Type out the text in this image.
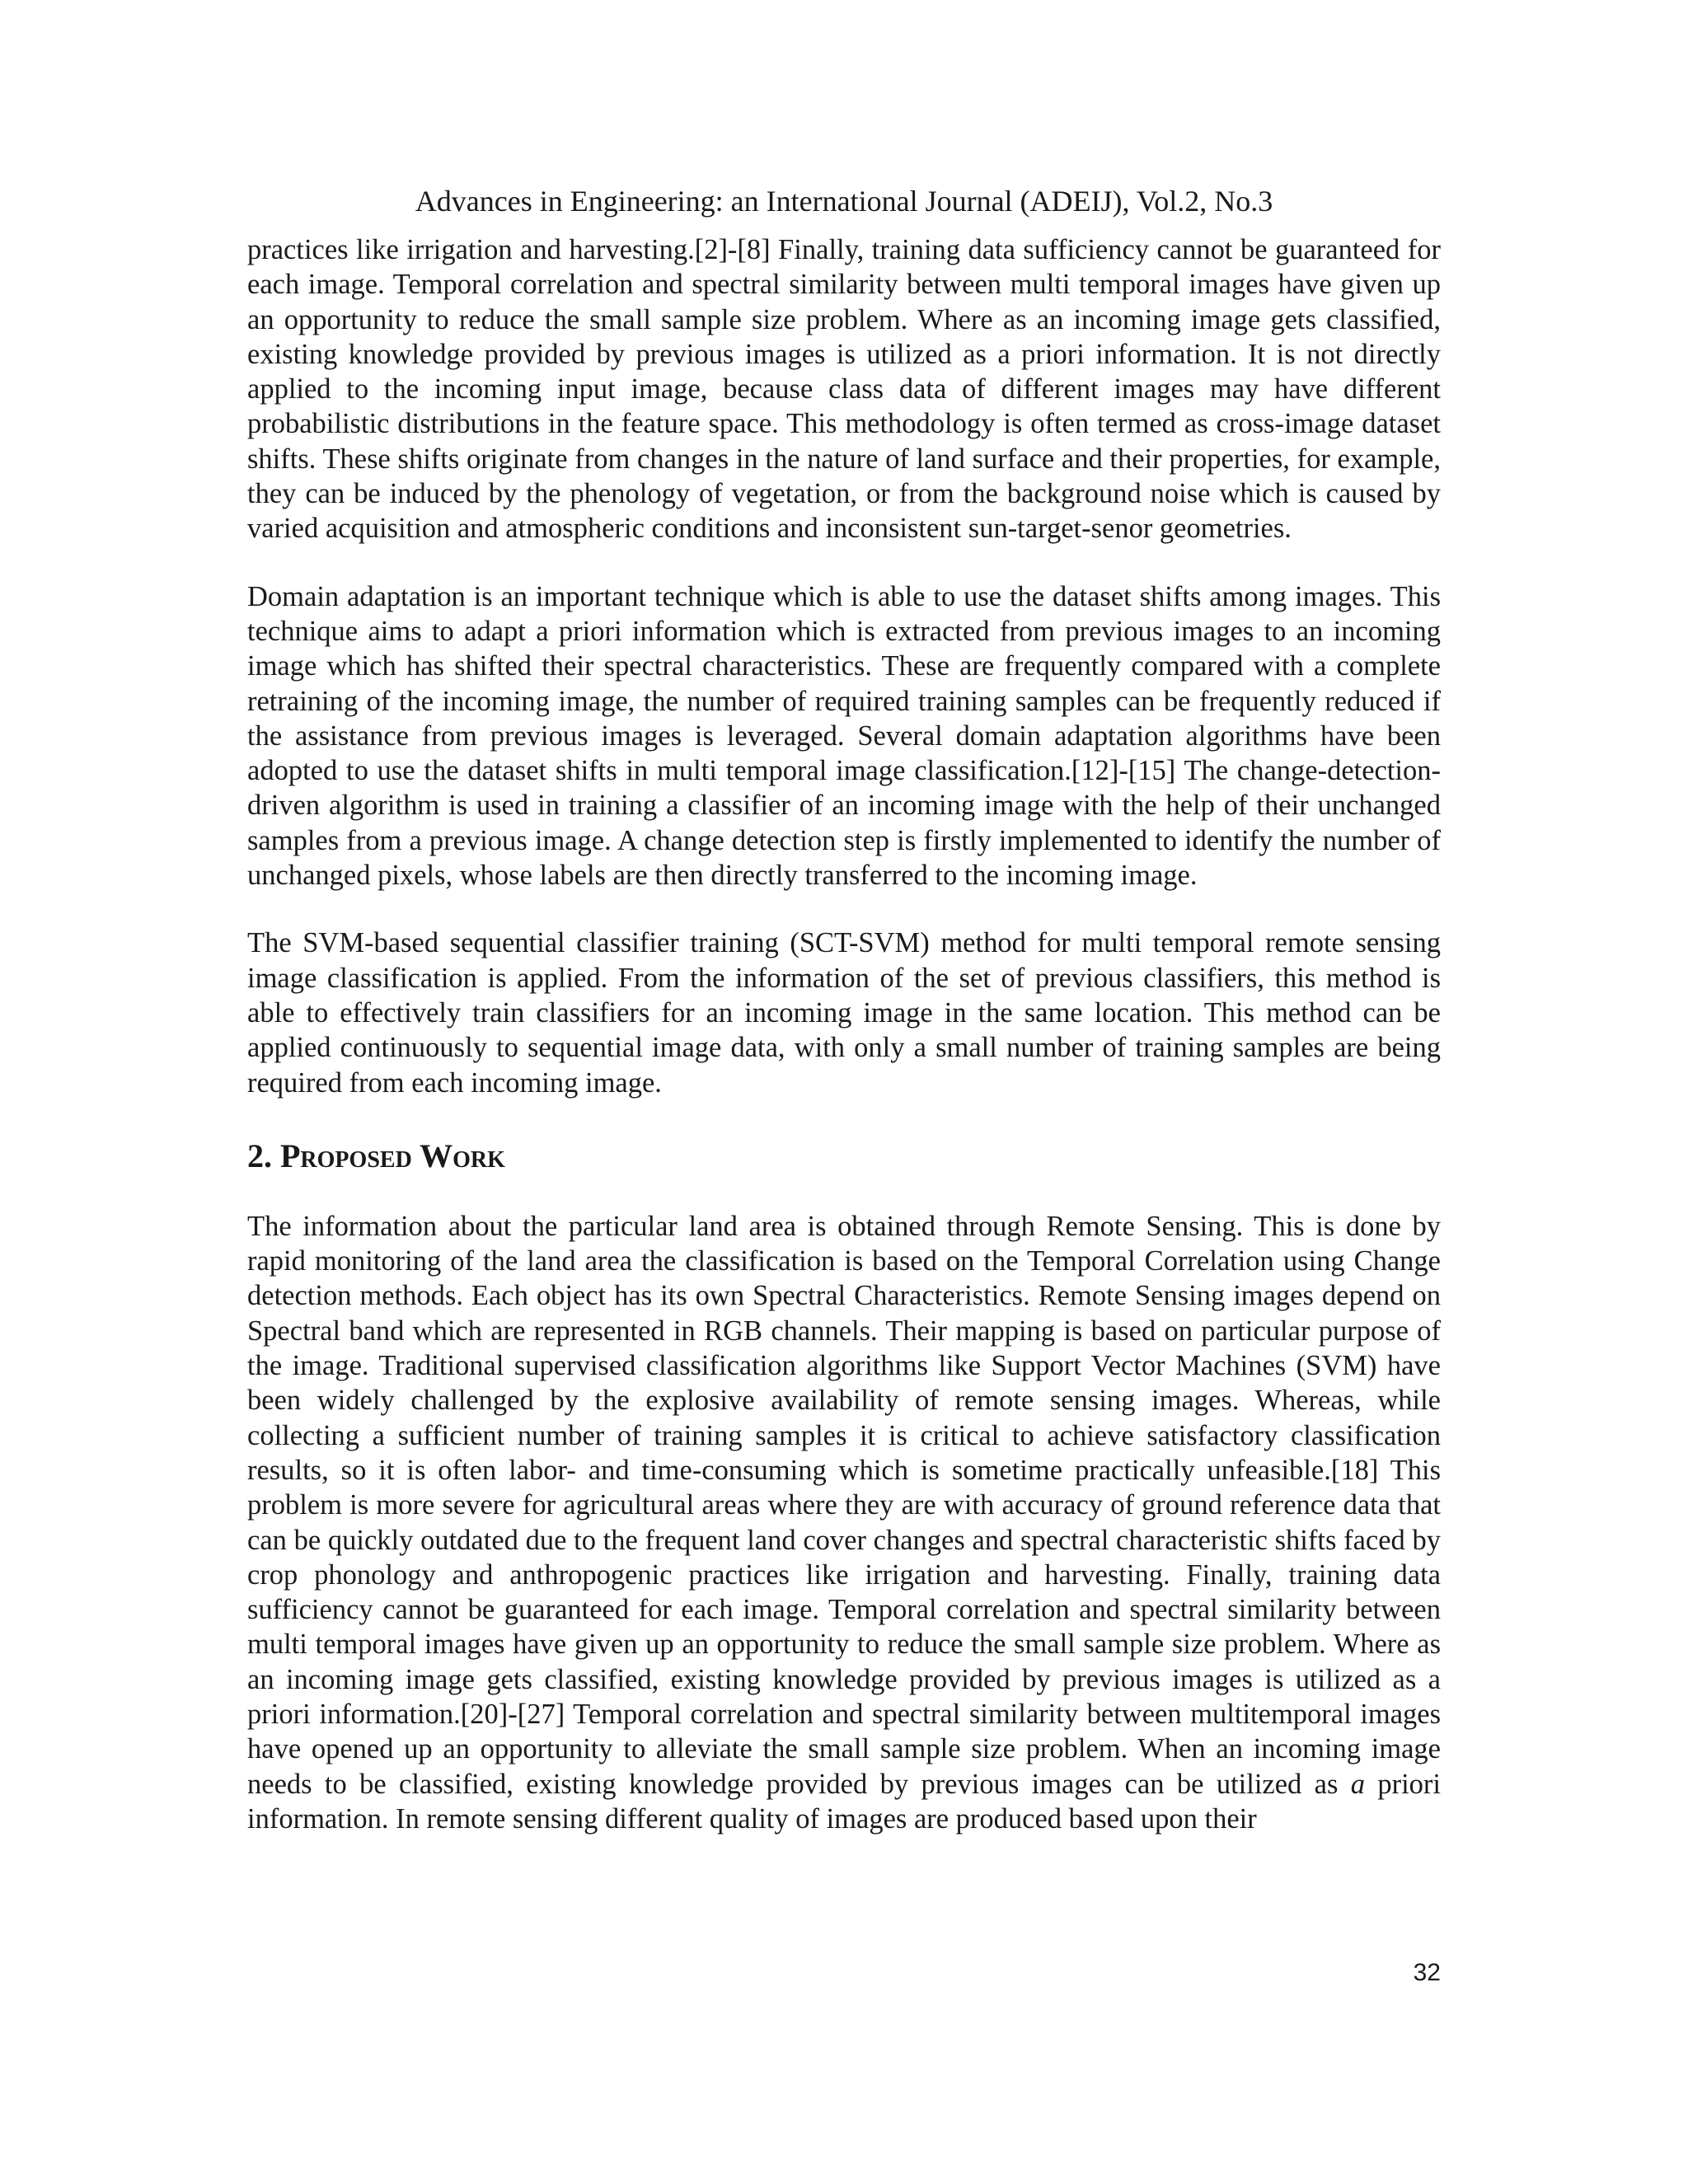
Advances in Engineering: an International Journal (ADEIJ), Vol.2, No.3

practices like irrigation and harvesting.[2]-[8] Finally, training data sufficiency cannot be guaranteed for each image. Temporal correlation and spectral similarity between multi temporal images have given up an opportunity to reduce the small sample size problem. Where as an incoming image gets classified, existing knowledge provided by previous images is utilized as a priori information. It is not directly applied to the incoming input image, because class data of different images may have different probabilistic distributions in the feature space. This methodology is often termed as cross-image dataset shifts. These shifts originate from changes in the nature of land surface and their properties, for example, they can be induced by the phenology of vegetation, or from the background noise which is caused by varied acquisition and atmospheric conditions and inconsistent sun-target-senor geometries.

Domain adaptation is an important technique which is able to use the dataset shifts among images. This technique aims to adapt a priori information which is extracted from previous images to an incoming image which has shifted their spectral characteristics. These are frequently compared with a complete retraining of the incoming image, the number of required training samples can be frequently reduced if the assistance from previous images is leveraged. Several domain adaptation algorithms have been adopted to use the dataset shifts in multi temporal image classification.[12]-[15] The change-detection-driven algorithm is used in training a classifier of an incoming image with the help of their unchanged samples from a previous image. A change detection step is firstly implemented to identify the number of unchanged pixels, whose labels are then directly transferred to the incoming image.

The SVM-based sequential classifier training (SCT-SVM) method for multi temporal remote sensing image classification is applied. From the information of the set of previous classifiers, this method is able to effectively train classifiers for an incoming image in the same location. This method can be applied continuously to sequential image data, with only a small number of training samples are being required from each incoming image.

2. Proposed Work

The information about the particular land area is obtained through Remote Sensing. This is done by rapid monitoring of the land area the classification is based on the Temporal Correlation using Change detection methods. Each object has its own Spectral Characteristics. Remote Sensing images depend on Spectral band which are represented in RGB channels. Their mapping is based on particular purpose of the image. Traditional supervised classification algorithms like Support Vector Machines (SVM) have been widely challenged by the explosive availability of remote sensing images. Whereas, while collecting a sufficient number of training samples it is critical to achieve satisfactory classification results, so it is often labor- and time-consuming which is sometime practically unfeasible.[18] This problem is more severe for agricultural areas where they are with accuracy of ground reference data that can be quickly outdated due to the frequent land cover changes and spectral characteristic shifts faced by crop phonology and anthropogenic practices like irrigation and harvesting. Finally, training data sufficiency cannot be guaranteed for each image. Temporal correlation and spectral similarity between multi temporal images have given up an opportunity to reduce the small sample size problem. Where as an incoming image gets classified, existing knowledge provided by previous images is utilized as a priori information.[20]-[27] Temporal correlation and spectral similarity between multitemporal images have opened up an opportunity to alleviate the small sample size problem. When an incoming image needs to be classified, existing knowledge provided by previous images can be utilized as a priori information. In remote sensing different quality of images are produced based upon their

32
